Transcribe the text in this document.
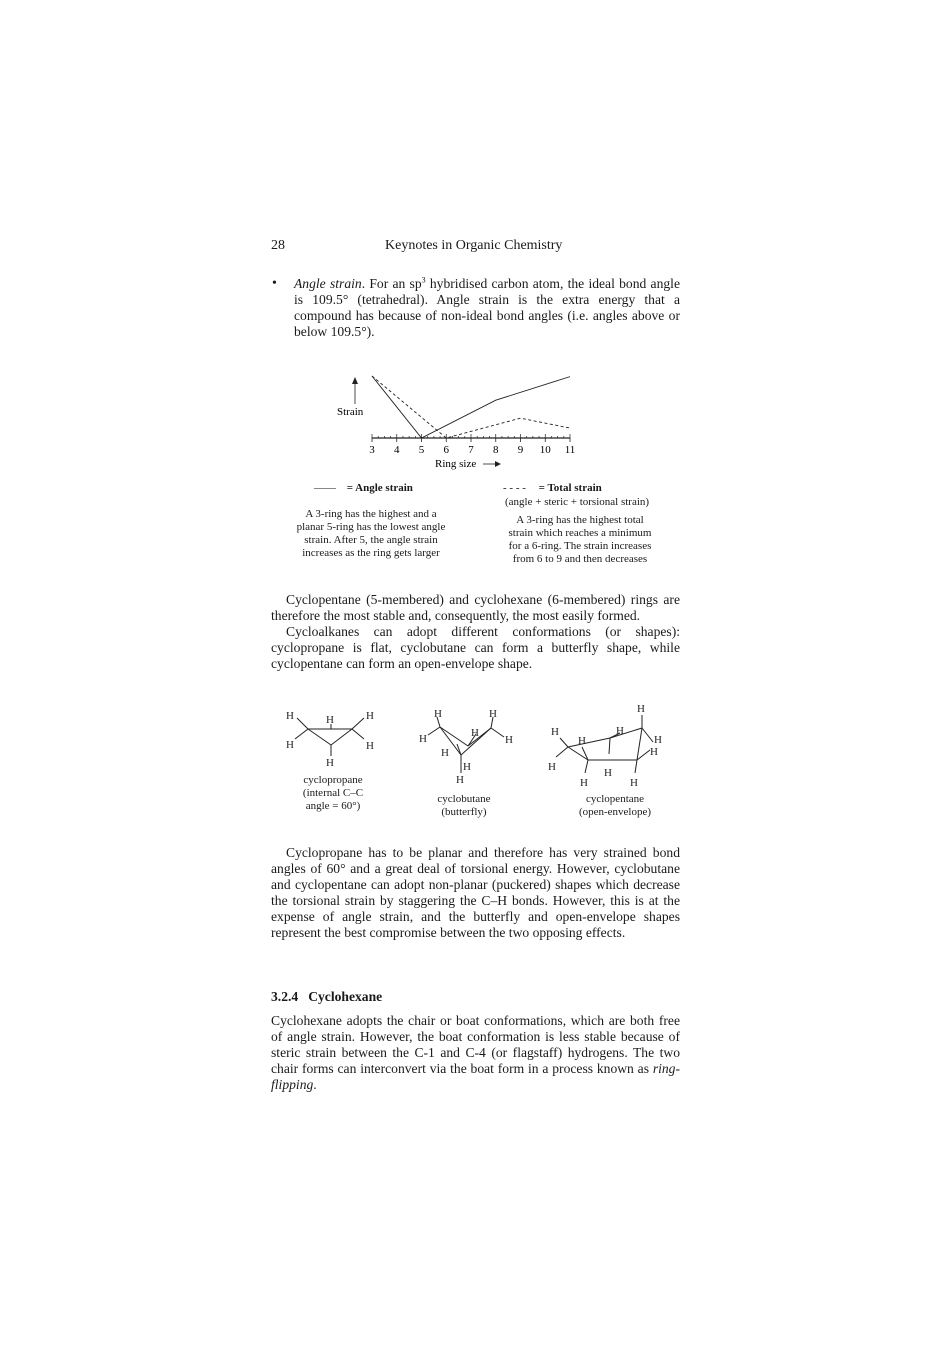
28	Keynotes in Organic Chemistry
• Angle strain. For an $sp^3$ hybridised carbon atom, the ideal bond angle is 109.5° (tetrahedral). Angle strain is the extra energy that a compound has because of non-ideal bond angles (i.e. angles above or below 109.5°).
Strain
3 4 5 6 7 8 9 10 11
Ring size
—— = Angle strain	- - - - = Total strain
(angle + steric + torsional strain)
A 3-ring has the highest and a
planar 5-ring has the lowest angle
strain. After 5, the angle strain
increases as the ring gets larger
A 3-ring has the highest total
strain which reaches a minimum
for a 6-ring. The strain increases
from 6 to 9 and then decreases
Cyclopentane (5-membered) and cyclohexane (6-membered) rings are therefore the most stable and, consequently, the most easily formed.
Cycloalkanes can adopt different conformations (or shapes): cyclopropane is flat, cyclobutane can form a butterfly shape, while cyclopentane can form an open-envelope shape.
H	H	H
H	H
H
H	H
H	H
H
H
H
H
H
H
H
H
H
H
H	H
H	H
cyclopropane
(internal C–C
angle = 60°)
cyclobutane
(butterfly)
cyclopentane
(open-envelope)
Cyclopropane has to be planar and therefore has very strained bond angles of 60° and a great deal of torsional energy. However, cyclobutane and cyclopentane can adopt non-planar (puckered) shapes which decrease the torsional strain by staggering the C–H bonds. However, this is at the expense of angle strain, and the butterfly and open-envelope shapes represent the best compromise between the two opposing effects.
3.2.4 Cyclohexane
Cyclohexane adopts the chair or boat conformations, which are both free of angle strain. However, the boat conformation is less stable because of steric strain between the C-1 and C-4 (or flagstaff) hydrogens. The two chair forms can interconvert via the boat form in a process known as ring-flipping.
